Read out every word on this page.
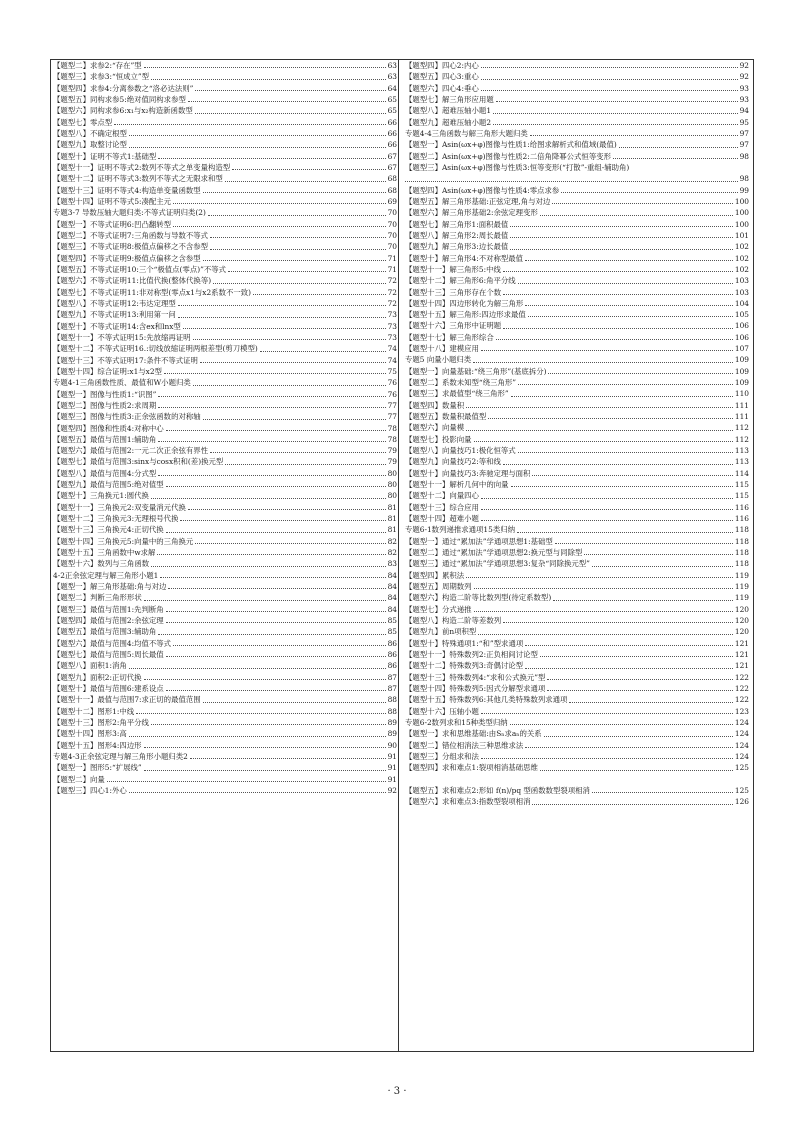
【题型二】 求参2:“存在”型	63
【题型三】 求参3:“恒成立”型	63
【题型四】 求参4:分离参数之“洛必达法则”	64
【题型五】 同构求参5:绝对值同构求参型	65
【题型六】 同构求参6:x₁与x₂构造新函数型	65
【题型七】 零点型	66
【题型八】 不确定根型	66
【题型九】 取整讨论型	66
【题型十】 证明不等式1:基础型	67
【题型十一】 证明不等式2:数列不等式之单变量构造型	67
【题型十二】 证明不等式3:数列不等式之无限求和型	68
【题型十三】 证明不等式4:构造单变量函数型	68
【题型十四】 证明不等式5:凑配主元	69
专题3-7 导数压轴大题归类:不等式证明归类(2)	70
【题型一】 不等式证明6:凹凸翻转型	70
【题型二】 不等式证明7:三角函数与导数不等式	70
【题型三】 不等式证明8:极值点偏移之不含参型	70
【题型四】 不等式证明9:极值点偏移之含参型	71
【题型五】 不等式证明10:三个“极值点(零点)”不等式	71
【题型六】 不等式证明11:比值代换(整体代换等)	72
【题型七】 不等式证明11:非对称型(零点x1与x2系数不一致)	72
【题型八】 不等式证明12:韦达定理型	72
【题型九】 不等式证明13:利用第一问	73
【题型十】 不等式证明14:含ex和lnx型	73
【题型十一】 不等式证明15:先放缩再证明	73
【题型十二】 不等式证明16.:切线放缩证明两根差型(剪刀模型)	74
【题型十三】 不等式证明17:条件不等式证明	74
【题型十四】 综合证明:x1与x2型	75
专题4-1三角函数性质、最值和W小题归类	76
【题型一】 图像与性质1:“识图”	76
【题型二】 图像与性质2:求周期	77
【题型三】 图像与性质3:正余弦函数的对称轴	77
【题型四】 图像和性质4:对称中心	78
【题型五】 最值与范围1:辅助角	78
【题型六】 最值与范围2:一元二次正余弦有界性	79
【题型七】 最值与范围3:sinx与cosx积和(差)换元型	79
【题型八】 最值与范围4:分式型	80
【题型九】 最值与范围5:绝对值型	80
【题型十】 三角换元1:圆代换	80
【题型十一】 三角换元2:双变量消元代换	81
【题型十二】 三角换元3:无理根号代换	81
【题型十三】 三角换元4:正切代换	81
【题型十四】 三角换元5:向量中的三角换元	82
【题型十五】 三角函数中w求解	82
【题型十六】 数列与三角函数	83
4-2正余弦定理与解三角形小题1	84
【题型一】 解三角形基础:角与对边	84
【题型二】 判断三角形形状	84
【题型三】 最值与范围1:先判断角	84
【题型四】 最值与范围2:余弦定理	85
【题型五】 最值与范围3:辅助角	85
【题型六】 最值与范围4:均值不等式	86
【题型七】 最值与范围5:周长最值	86
【题型八】 面积1:消角	86
【题型九】 面积2:正切代换	87
【题型十】 最值与范围6:建系设点	87
【题型十一】 最值与范围7:求正切的最值范围	88
【题型十二】 图形1:中线	88
【题型十三】 图形2:角平分线	89
【题型十四】 图形3:高	89
【题型十五】 图形4:四边形	90
专题4-3正余弦定理与解三角形小题归类2	91
【题型一】 图形5:“扩展线”	91
【题型二】 向量	91
【题型三】 四心1:外心	92
【题型四】 四心2:内心	92
【题型五】 四心3:重心	92
【题型六】 四心4:垂心	93
【题型七】 解三角形应用题	93
【题型八】 超难压轴小题1	94
【题型九】 超难压轴小题2	95
专题4-4三角函数与解三角形大题归类	97
【题型一】 Asin(ωx+φ)图像与性质1:给图求解析式和值域(最值)	97
【题型二】 Asin(ωx+φ)图像与性质2:二倍角降幂公式恒等变形	98
【题型三】Asin(ωx+φ)图像与性质3:恒等变形(“打散”-重组-辅助角)
98
【题型四】 Asin(ωx+φ)图像与性质4:零点求参	99
【题型五】 解三角形基础:正弦定理,角与对边	100
【题型六】 解三角形基础2:余弦定理变形	100
【题型七】 解三角形1:面积最值	100
【题型八】 解三角形2:周长最值	101
【题型九】 解三角形3:边长最值	102
【题型十】 解三角形4:不对称型最值	102
【题型十一】 解三角形5:中线	102
【题型十二】 解三角形6:角平分线	103
【题型十三】 三角形存在个数	103
【题型十四】 四边形转化为解三角形	104
【题型十五】 解三角形:四边形求最值	105
【题型十六】 三角形中证明题	106
【题型十七】 解三角形综合	106
【题型十八】 建模应用	107
专题5 向量小题归类	109
【题型一】 向量基础:“绕三角形”(基底拆分)	109
【题型二】 系数未知型“绕三角形”	109
【题型三】 求最值型“绕三角形”	110
【题型四】 数量积	111
【题型五】 数量积最值型	111
【题型六】 向量模	112
【题型七】 投影向量	112
【题型八】 向量技巧1:极化恒等式	113
【题型九】 向量技巧2:等和线	113
【题型十】 向量技巧3:奔驰定理与面积	114
【题型十一】 解析几何中的向量	115
【题型十二】 向量四心	115
【题型十三】 综合应用	116
【题型十四】 超难小题	116
专题6-1数列递推求通项15类归纳	118
【题型一】 通过“累加法”学通项思想1:基础型	118
【题型二】 通过“累加法”学通项思想2:换元型与同除型	118
【题型三】 通过“累加法”学通项思想3:复杂“同除换元型”	118
【题型四】 累积法	119
【题型五】 周期数列	119
【题型六】 构造二阶等比数列型(待定系数型)	119
【题型七】 分式递推	120
【题型八】 构造二阶等差数列	120
【题型九】 前n项积型	120
【题型十】 特殊通项1:“和”型求通项	121
【题型十一】 特殊数列2:正负相间讨论型	121
【题型十二】 特殊数列3:奇偶讨论型	121
【题型十三】 特殊数列4:“求和公式换元”型	122
【题型十四】 特殊数列5:因式分解型求通项	122
【题型十五】 特殊数列6:其他几类特殊数列求通项	122
【题型十六】 压轴小题	123
专题6-2数列求和15种类型归纳	124
【题型一】 求和思维基础:由Sₙ求aₙ的关系	124
【题型二】 错位相消法三种思维求法	124
【题型三】 分组求和法	124
【题型四】 求和难点1:裂项相消基础思维	125
【题型五】 求和难点2:形如 f(n)/pq 型函数数型裂项相消	125
【题型六】 求和难点3:指数型裂项相消	126
· 3 ·
